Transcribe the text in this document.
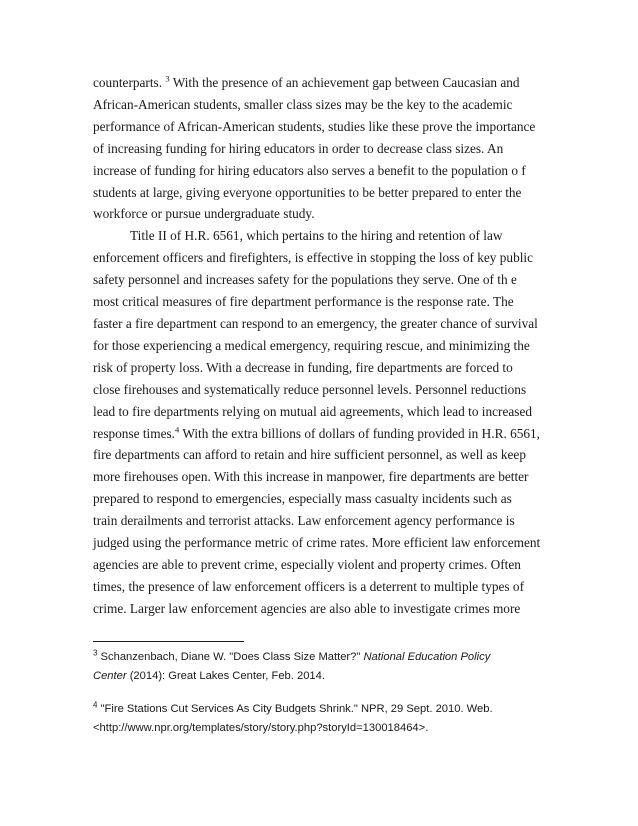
counterparts. $^3$ With the presence of an achievement gap between Caucasian and
African-American students, smaller class sizes may be the key to the academic
performance of African-American students, studies like these prove the importance
of increasing funding for hiring educators in order to decrease class sizes. An
increase of funding for hiring educators also serves a benefit to the population o f
students at large, giving everyone opportunities to be better prepared to enter the
workforce or pursue undergraduate study.

Title II of H.R. 6561, which pertains to the hiring and retention of law
enforcement officers and firefighters, is effective in stopping the loss of key public
safety personnel and increases safety for the populations they serve. One of th e
most critical measures of fire department performance is the response rate. The
faster a fire department can respond to an emergency, the greater chance of survival
for those experiencing a medical emergency, requiring rescue, and minimizing the
risk of property loss. With a decrease in funding, fire departments are forced to
close firehouses and systematically reduce personnel levels. Personnel reductions
lead to fire departments relying on mutual aid agreements, which lead to increased
response times.$^4$ With the extra billions of dollars of funding provided in H.R. 6561,
fire departments can afford to retain and hire sufficient personnel, as well as keep
more firehouses open. With this increase in manpower, fire departments are better
prepared to respond to emergencies, especially mass casualty incidents such as
train derailments and terrorist attacks. Law enforcement agency performance is
judged using the performance metric of crime rates. More efficient law enforcement
agencies are able to prevent crime, especially violent and property crimes. Often
times, the presence of law enforcement officers is a deterrent to multiple types of
crime. Larger law enforcement agencies are also able to investigate crimes more

$^3$ Schanzenbach, Diane W. "Does Class Size Matter?" National Education Policy
Center (2014): Great Lakes Center, Feb. 2014.
$^4$ "Fire Stations Cut Services As City Budgets Shrink." NPR, 29 Sept. 2010. Web.
<http://www.npr.org/templates/story/story.php?storyId=130018464>.
